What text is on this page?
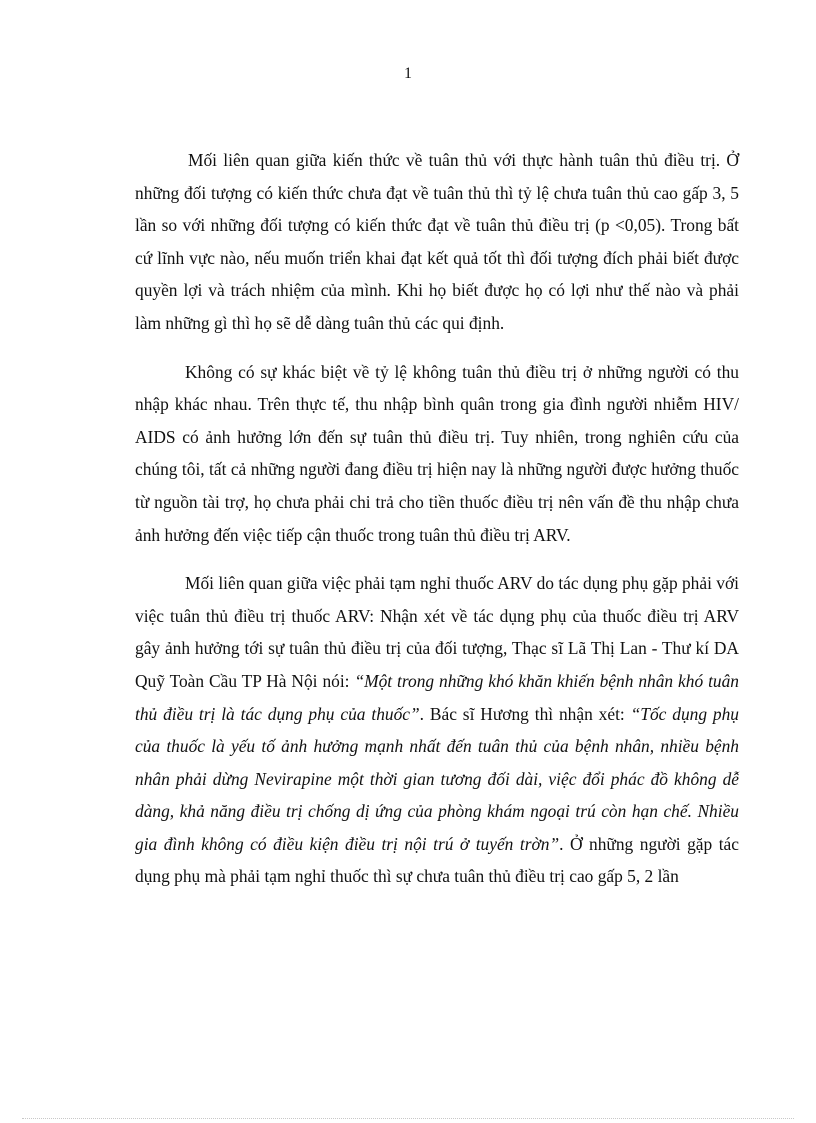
1

Mối liên quan giữa kiến thức về tuân thủ với thực hành tuân thủ điều trị. Ở những đối tượng có kiến thức chưa đạt về tuân thủ thì tỷ lệ chưa tuân thủ cao gấp 3, 5 lần so với những đối tượng có kiến thức đạt về tuân thủ điều trị (p <0,05). Trong bất cứ lĩnh vực nào, nếu muốn triển khai đạt kết quả tốt thì đối tượng đích phải biết được quyền lợi và trách nhiệm của mình. Khi họ biết được họ có lợi như thế nào và phải làm những gì thì họ sẽ dễ dàng tuân thủ các qui định.

Không có sự khác biệt về tỷ lệ không tuân thủ điều trị ở những người có thu nhập khác nhau. Trên thực tế, thu nhập bình quân trong gia đình người nhiễm HIV/ AIDS có ảnh hưởng lớn đến sự tuân thủ điều trị. Tuy nhiên, trong nghiên cứu của chúng tôi, tất cả những người đang điều trị hiện nay là những người được hưởng thuốc từ nguồn tài trợ, họ chưa phải chi trả cho tiền thuốc điều trị nên vấn đề thu nhập chưa ảnh hưởng đến việc tiếp cận thuốc trong tuân thủ điều trị ARV.

Mối liên quan giữa việc phải tạm nghỉ thuốc ARV do tác dụng phụ gặp phải với việc tuân thủ điều trị thuốc ARV: Nhận xét về tác dụng phụ của thuốc điều trị ARV gây ảnh hưởng tới sự tuân thủ điều trị của đối tượng, Thạc sĩ Lã Thị Lan - Thư kí DA Quỹ Toàn Cầu TP Hà Nội nói: “Một trong những khó khăn khiến bệnh nhân khó tuân thủ điều trị là tác dụng phụ của thuốc”. Bác sĩ Hương thì nhận xét: “Tốc dụng phụ của thuốc là yếu tố ảnh hưởng mạnh nhất đến tuân thủ của bệnh nhân, nhiều bệnh nhân phải dừng Nevirapine một thời gian tương đối dài, việc đổi phác đồ không dễ dàng, khả năng điều trị chống dị ứng của phòng khám ngoại trú còn hạn chế. Nhiều gia đình không có điều kiện điều trị nội trú ở tuyến trờn”. Ở những người gặp tác dụng phụ mà phải tạm nghỉ thuốc thì sự chưa tuân thủ điều trị cao gấp 5, 2 lần
